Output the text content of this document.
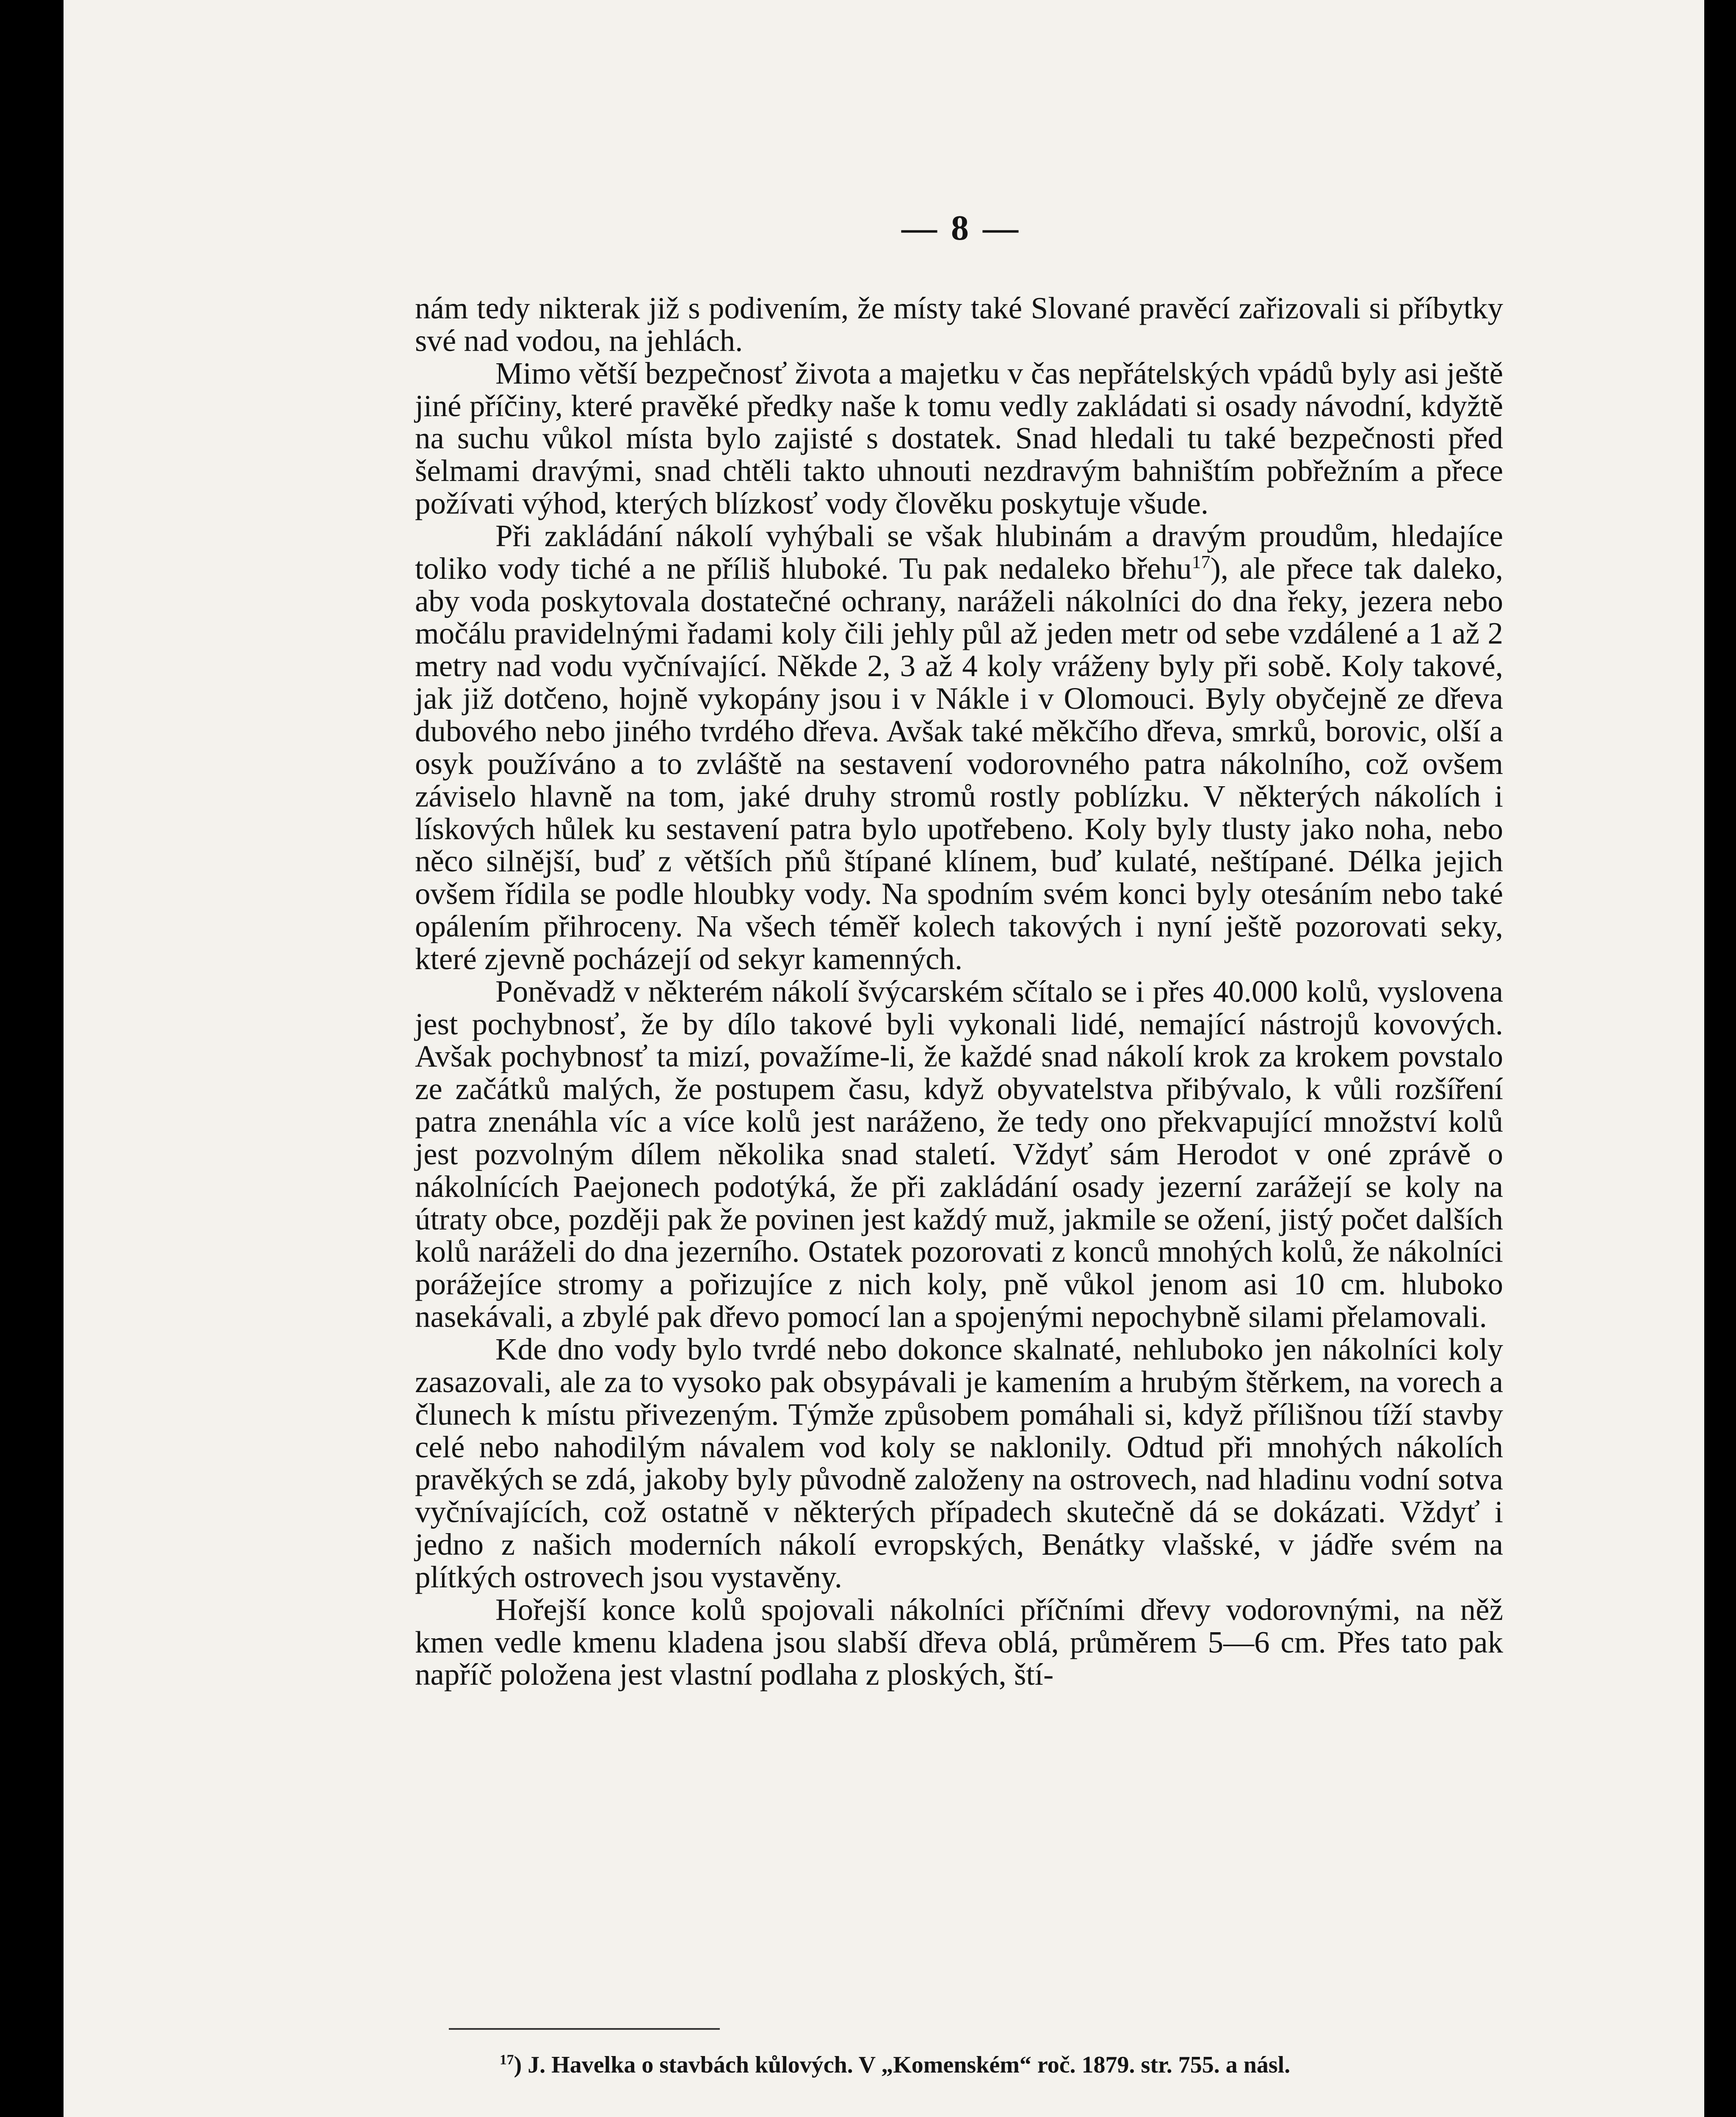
— 8 —

nám tedy nikterak již s podivením, že místy také Slované pravěcí zařizovali si příbytky své nad vodou, na jehlách.

Mimo větší bezpečnosť života a majetku v čas nepřátelských vpádů byly asi ještě jiné příčiny, které pravěké předky naše k tomu vedly zakládati si osady návodní, kdyžtě na suchu vůkol místa bylo zajisté s dostatek. Snad hledali tu také bezpečnosti před šelmami dravými, snad chtěli takto uhnouti nezdravým bahništím pobřežním a přece požívati výhod, kterých blízkosť vody člověku poskytuje všude.

Při zakládání nákolí vyhýbali se však hlubinám a dravým proudům, hledajíce toliko vody tiché a ne příliš hluboké. Tu pak nedaleko břehu$^{17}$), ale přece tak daleko, aby voda poskytovala dostatečné ochrany, naráželi nákolníci do dna řeky, jezera nebo močálu pravidelnými řadami koly čili jehly půl až jeden metr od sebe vzdálené a 1 až 2 metry nad vodu vyčnívající. Někde 2, 3 až 4 koly vráženy byly při sobě. Koly takové, jak již dotčeno, hojně vykopány jsou i v Nákle i v Olomouci. Byly obyčejně ze dřeva dubového nebo jiného tvrdého dřeva. Avšak také měkčího dřeva, smrků, borovic, olší a osyk používáno a to zvláště na sestavení vodorovného patra nákolního, což ovšem záviselo hlavně na tom, jaké druhy stromů rostly poblízku. V některých nákolích i lískových hůlek ku sestavení patra bylo upotřebeno. Koly byly tlusty jako noha, nebo něco silnější, buď z větších pňů štípané klínem, buď kulaté, neštípané. Délka jejich ovšem řídila se podle hloubky vody. Na spodním svém konci byly otesáním nebo také opálením přihroceny. Na všech téměř kolech takových i nyní ještě pozorovati seky, které zjevně pocházejí od sekyr kamenných.

Poněvadž v některém nákolí švýcarském sčítalo se i přes 40.000 kolů, vyslovena jest pochybnosť, že by dílo takové byli vykonali lidé, nemající nástrojů kovových. Avšak pochybnosť ta mizí, považíme-li, že každé snad nákolí krok za krokem povstalo ze začátků malých, že postupem času, když obyvatelstva přibývalo, k vůli rozšíření patra znenáhla víc a více kolů jest naráženo, že tedy ono překvapující množství kolů jest pozvolným dílem několika snad staletí. Vždyť sám Herodot v oné zprávě o nákolnících Paejonech podotýká, že při zakládání osady jezerní zarážejí se koly na útraty obce, později pak že povinen jest každý muž, jakmile se ožení, jistý počet dalších kolů naráželi do dna jezerního. Ostatek pozorovati z konců mnohých kolů, že nákolníci porážejíce stromy a pořizujíce z nich koly, pně vůkol jenom asi 10 cm. hluboko nasekávali, a zbylé pak dřevo pomocí lan a spojenými nepochybně silami přelamovali.

Kde dno vody bylo tvrdé nebo dokonce skalnaté, nehluboko jen nákolníci koly zasazovali, ale za to vysoko pak obsypávali je kamením a hrubým štěrkem, na vorech a člunech k místu přivezeným. Týmže způsobem pomáhali si, když přílišnou tíží stavby celé nebo nahodilým návalem vod koly se naklonily. Odtud při mnohých nákolích pravěkých se zdá, jakoby byly původně založeny na ostrovech, nad hladinu vodní sotva vyčnívajících, což ostatně v některých případech skutečně dá se dokázati. Vždyť i jedno z našich moderních nákolí evropských, Benátky vlašské, v jádře svém na plítkých ostrovech jsou vystavěny.

Hořejší konce kolů spojovali nákolníci příčními dřevy vodorovnými, na něž kmen vedle kmenu kladena jsou slabší dřeva oblá, průměrem 5—6 cm. Přes tato pak napříč položena jest vlastní podlaha z ploských, ští-

$^{17}$) J. Havelka o stavbách kůlových. V „Komenském“ roč. 1879. str. 755. a násl.
